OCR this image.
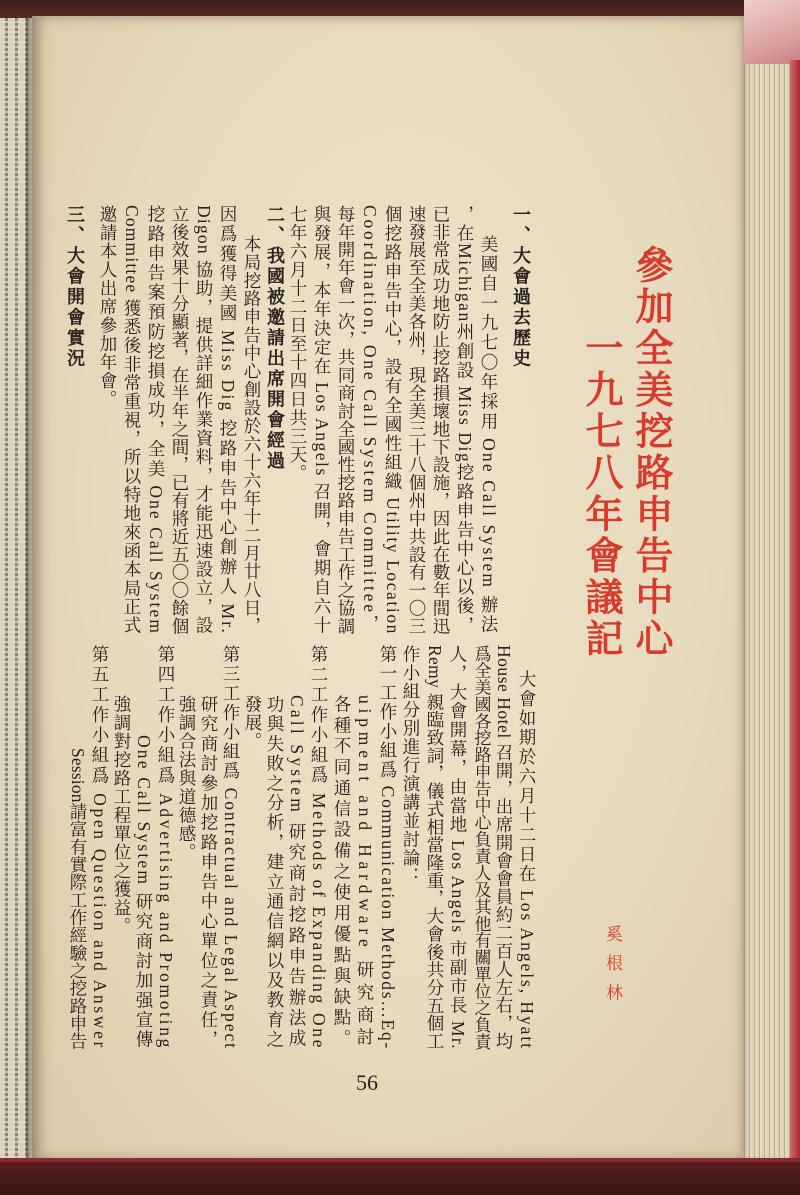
參加全美挖路申告中心
一九七八年會議記
奚 根 林
一、大會過去歷史
美國自一九七〇年採用 One Call System 辦法
，在Michigan州創設 Miss Dig挖路申告中心以後，
已非常成功地防止挖路損壞地下設施，因此在數年間迅
速發展至全美各州，現全美三十八個州中共設有一〇三
個挖路申告中心，設有全國性組織 Utility Location
Coordination, One Call System Committee，
每年開年會一次，共同商討全國性挖路申告工作之協調
與發展，本年決定在 Los Angels 召開，會期自六十
七年六月十二日至十四日共三天。
二、我國被邀請出席開會經過
本局挖路申告中心創設於六十六年十二月廿八日，
因爲獲得美國 Miss Dig 挖路申告中心創辦人 Mr.
Digon 協助，提供詳細作業資料，才能迅速設立，設
立後效果十分顯著，在半年之間，已有將近五〇〇餘個
挖路申告案預防挖損成功，全美 One Call System
Committee 獲悉後非常重視，所以特地來函本局正式
邀請本人出席參加年會。
三、大會開會實況
大會如期於六月十二日在 Los Angels, Hyatt
House Hotel 召開，出席開會會員約二百人左右，均
爲全美國各挖路申告中心負責人及其他有關單位之負責
人，大會開幕，由當地 Los Angels 市副市長 Mr.
Remy 親臨致詞，儀式相當隆重，大會後共分五個工
作小組分別進行演講並討論：
第一工作小組爲 Communication Methods…Eq-
uipment and Hardware 研究商討
各種不同通信設備之使用優點與缺點。
第二工作小組爲 Methods of Expanding One
Call System 研究商討挖路申告辦法成
功與失敗之分析，建立通信網以及教育之
發展。
第三工作小組爲 Contractual and Legal Aspect
研究商討參加挖路申告中心單位之責任，
強調合法與道德感。
第四工作小組爲 Advertising and Promoting
One Call System 研究商討加强宣傳
強調對挖路工程單位之獲益。
第五工作小組爲 Open Question and Answer
Session請富有實際工作經驗之挖路申告
56
